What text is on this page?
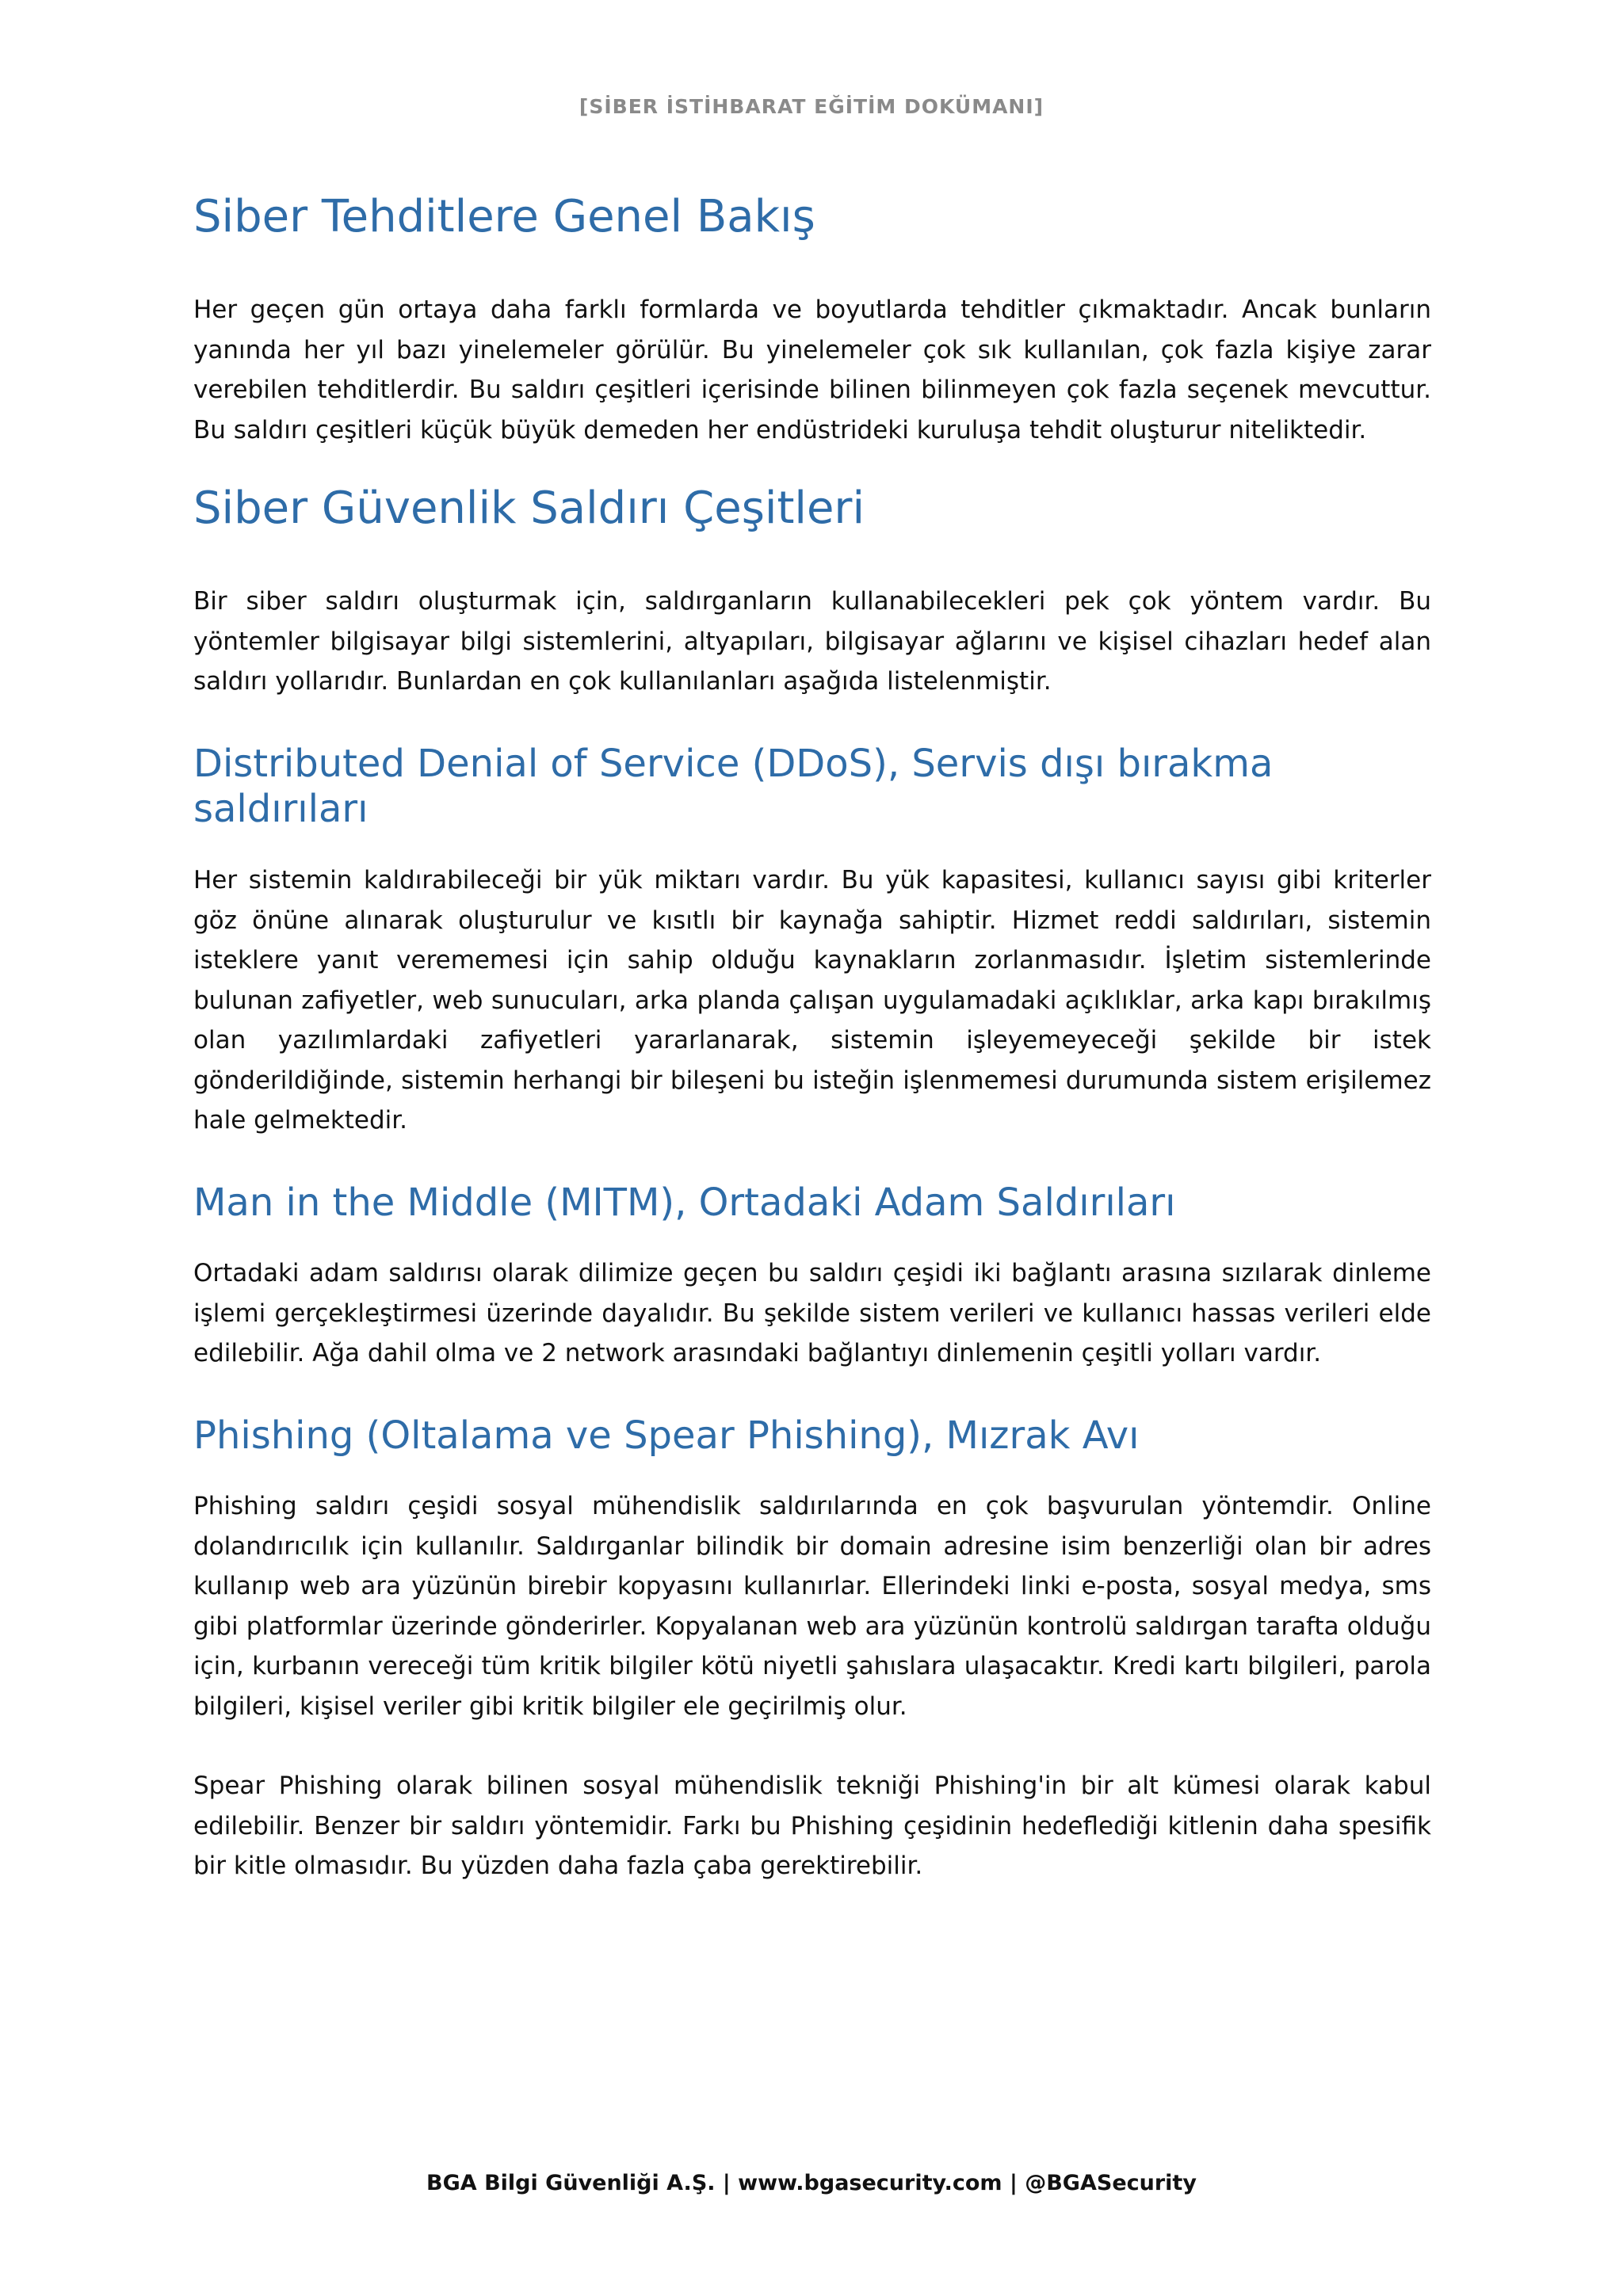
[SİBER İSTİHBARAT EĞİTİM DOKÜMANI]
Siber Tehditlere Genel Bakış

Her geçen gün ortaya daha farklı formlarda ve boyutlarda tehditler çıkmaktadır. Ancak bunların yanında her yıl bazı yinelemeler görülür. Bu yinelemeler çok sık kullanılan, çok fazla kişiye zarar verebilen tehditlerdir. Bu saldırı çeşitleri içerisinde bilinen bilinmeyen çok fazla seçenek mevcuttur. Bu saldırı çeşitleri küçük büyük demeden her endüstrideki kuruluşa tehdit oluşturur niteliktedir.

Siber Güvenlik Saldırı Çeşitleri

Bir siber saldırı oluşturmak için, saldırganların kullanabilecekleri pek çok yöntem vardır. Bu yöntemler bilgisayar bilgi sistemlerini, altyapıları, bilgisayar ağlarını ve kişisel cihazları hedef alan saldırı yollarıdır. Bunlardan en çok kullanılanları aşağıda listelenmiştir.

Distributed Denial of Service (DDoS), Servis dışı bırakma saldırıları

Her sistemin kaldırabileceği bir yük miktarı vardır. Bu yük kapasitesi, kullanıcı sayısı gibi kriterler göz önüne alınarak oluşturulur ve kısıtlı bir kaynağa sahiptir. Hizmet reddi saldırıları, sistemin isteklere yanıt verememesi için sahip olduğu kaynakların zorlanmasıdır. İşletim sistemlerinde bulunan zafiyetler, web sunucuları, arka planda çalışan uygulamadaki açıklıklar, arka kapı bırakılmış olan yazılımlardaki zafiyetleri yararlanarak, sistemin işleyemeyeceği şekilde bir istek gönderildiğinde, sistemin herhangi bir bileşeni bu isteğin işlenmemesi durumunda sistem erişilemez hale gelmektedir.

Man in the Middle (MITM), Ortadaki Adam Saldırıları

Ortadaki adam saldırısı olarak dilimize geçen bu saldırı çeşidi iki bağlantı arasına sızılarak dinleme işlemi gerçekleştirmesi üzerinde dayalıdır. Bu şekilde sistem verileri ve kullanıcı hassas verileri elde edilebilir. Ağa dahil olma ve 2 network arasındaki bağlantıyı dinlemenin çeşitli yolları vardır.

Phishing (Oltalama ve Spear Phishing), Mızrak Avı

Phishing saldırı çeşidi sosyal mühendislik saldırılarında en çok başvurulan yöntemdir. Online dolandırıcılık için kullanılır. Saldırganlar bilindik bir domain adresine isim benzerliği olan bir adres kullanıp web ara yüzünün birebir kopyasını kullanırlar. Ellerindeki linki e-posta, sosyal medya, sms gibi platformlar üzerinde gönderirler. Kopyalanan web ara yüzünün kontrolü saldırgan tarafta olduğu için, kurbanın vereceği tüm kritik bilgiler kötü niyetli şahıslara ulaşacaktır. Kredi kartı bilgileri, parola bilgileri, kişisel veriler gibi kritik bilgiler ele geçirilmiş olur.

Spear Phishing olarak bilinen sosyal mühendislik tekniği Phishing'in bir alt kümesi olarak kabul edilebilir. Benzer bir saldırı yöntemidir. Farkı bu Phishing çeşidinin hedeflediği kitlenin daha spesifik bir kitle olmasıdır. Bu yüzden daha fazla çaba gerektirebilir.

BGA Bilgi Güvenliği A.Ş. | www.bgasecurity.com | @BGASecurity
